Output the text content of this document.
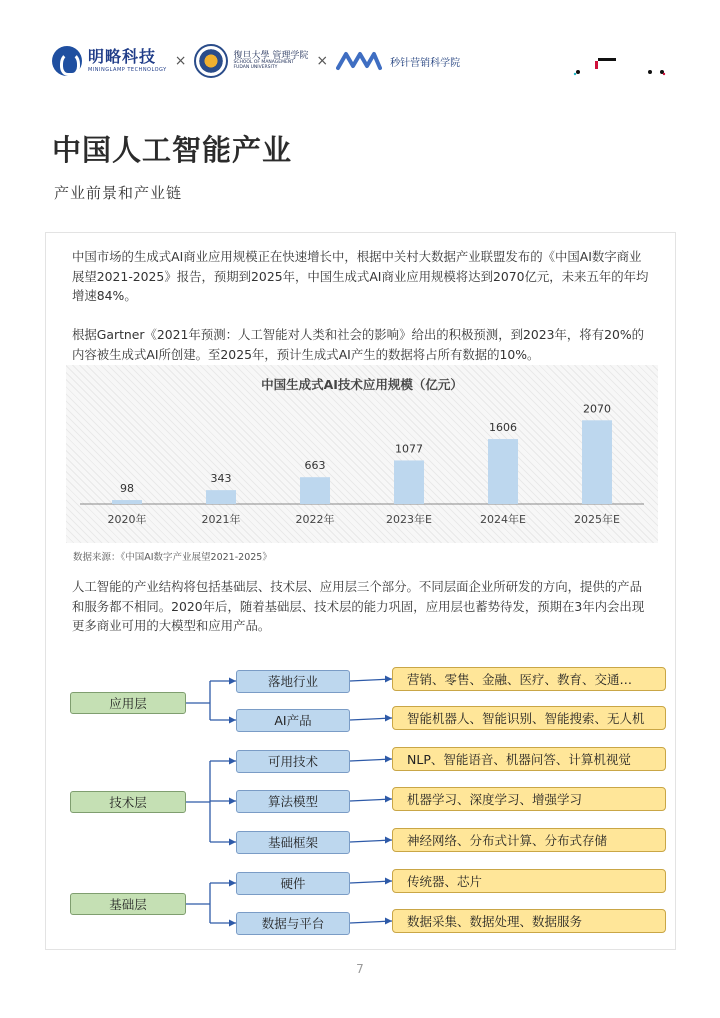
明略科技
MININGLAMP TECHNOLOGY
×	復旦大學 管理学院
SCHOOL OF MANAGEMENT
FUDAN UNIVERSITY	×	秒针营销科学院
中国人工智能产业
产业前景和产业链

中国市场的生成式AI商业应用规模正在快速增长中，根据中关村大数据产业联盟发布的《中国AI数字商业展望2021-2025》报告，预期到2025年，中国生成式AI商业应用规模将达到2070亿元，未来五年的年均增速84%。

根据Gartner《2021年预测：人工智能对人类和社会的影响》给出的积极预测，到2023年，将有20%的内容被生成式AI所创建。至2025年，预计生成式AI产生的数据将占所有数据的10%。

中国生成式AI技术应用规模（亿元）
98
2020年
343
2021年
663
2022年
1077
2023年E
1606
2024年E
2070
2025年E
数据来源：《中国AI数字产业展望2021-2025》

人工智能的产业结构将包括基础层、技术层、应用层三个部分。不同层面企业所研发的方向，提供的产品和服务都不相同。2020年后，随着基础层、技术层的能力巩固，应用层也蓄势待发，预期在3年内会出现更多商业可用的大模型和应用产品。

应用层
落地行业	营销、零售、金融、医疗、教育、交通…
AI产品	智能机器人、智能识别、智能搜索、无人机
技术层
可用技术	NLP、智能语音、机器问答、计算机视觉
算法模型	机器学习、深度学习、增强学习
基础框架	神经网络、分布式计算、分布式存储
基础层
硬件	传统器、芯片
数据与平台	数据采集、数据处理、数据服务
7
